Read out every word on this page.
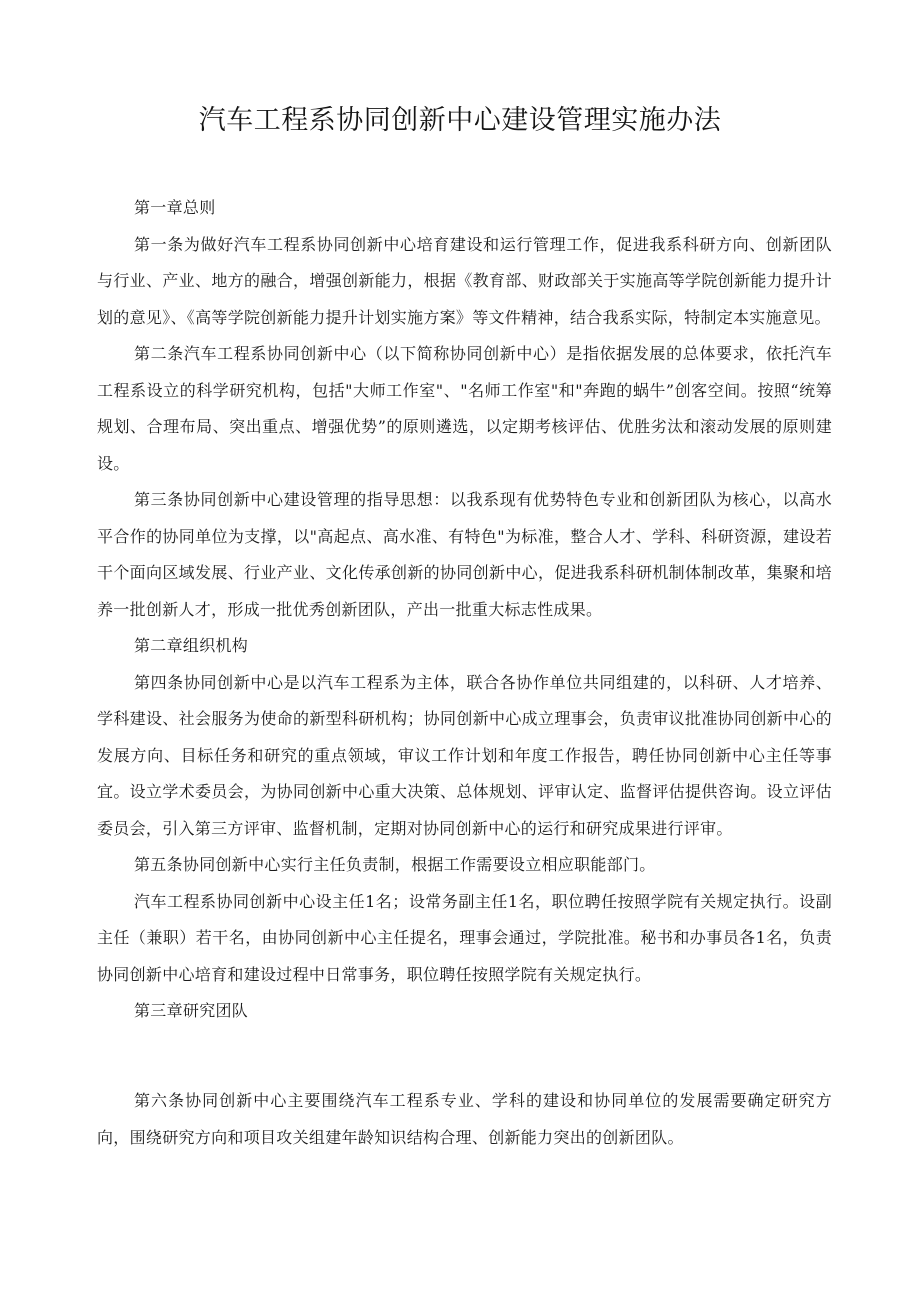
汽车工程系协同创新中心建设管理实施办法

第一章总则

第一条为做好汽车工程系协同创新中心培育建设和运行管理工作，促进我系科研方向、创新团队与行业、产业、地方的融合，增强创新能力，根据《教育部、财政部关于实施高等学院创新能力提升计划的意见》、《高等学院创新能力提升计划实施方案》等文件精神，结合我系实际，特制定本实施意见。

第二条汽车工程系协同创新中心（以下简称协同创新中心）是指依据发展的总体要求，依托汽车工程系设立的科学研究机构，包括"大师工作室"、"名师工作室"和"奔跑的蜗牛”创客空间。按照“统筹规划、合理布局、突出重点、增强优势”的原则遴选，以定期考核评估、优胜劣汰和滚动发展的原则建设。

第三条协同创新中心建设管理的指导思想：以我系现有优势特色专业和创新团队为核心，以高水平合作的协同单位为支撑，以"高起点、高水准、有特色"为标准，整合人才、学科、科研资源，建设若干个面向区域发展、行业产业、文化传承创新的协同创新中心，促进我系科研机制体制改革，集聚和培养一批创新人才，形成一批优秀创新团队，产出一批重大标志性成果。

第二章组织机构

第四条协同创新中心是以汽车工程系为主体，联合各协作单位共同组建的，以科研、人才培养、学科建设、社会服务为使命的新型科研机构；协同创新中心成立理事会，负责审议批准协同创新中心的发展方向、目标任务和研究的重点领域，审议工作计划和年度工作报告，聘任协同创新中心主任等事宜。设立学术委员会，为协同创新中心重大决策、总体规划、评审认定、监督评估提供咨询。设立评估委员会，引入第三方评审、监督机制，定期对协同创新中心的运行和研究成果进行评审。

第五条协同创新中心实行主任负责制，根据工作需要设立相应职能部门。

汽车工程系协同创新中心设主任1名；设常务副主任1名，职位聘任按照学院有关规定执行。设副主任（兼职）若干名，由协同创新中心主任提名，理事会通过，学院批准。秘书和办事员各1名，负责协同创新中心培育和建设过程中日常事务，职位聘任按照学院有关规定执行。

第三章研究团队

第六条协同创新中心主要围绕汽车工程系专业、学科的建设和协同单位的发展需要确定研究方向，围绕研究方向和项目攻关组建年龄知识结构合理、创新能力突出的创新团队。
